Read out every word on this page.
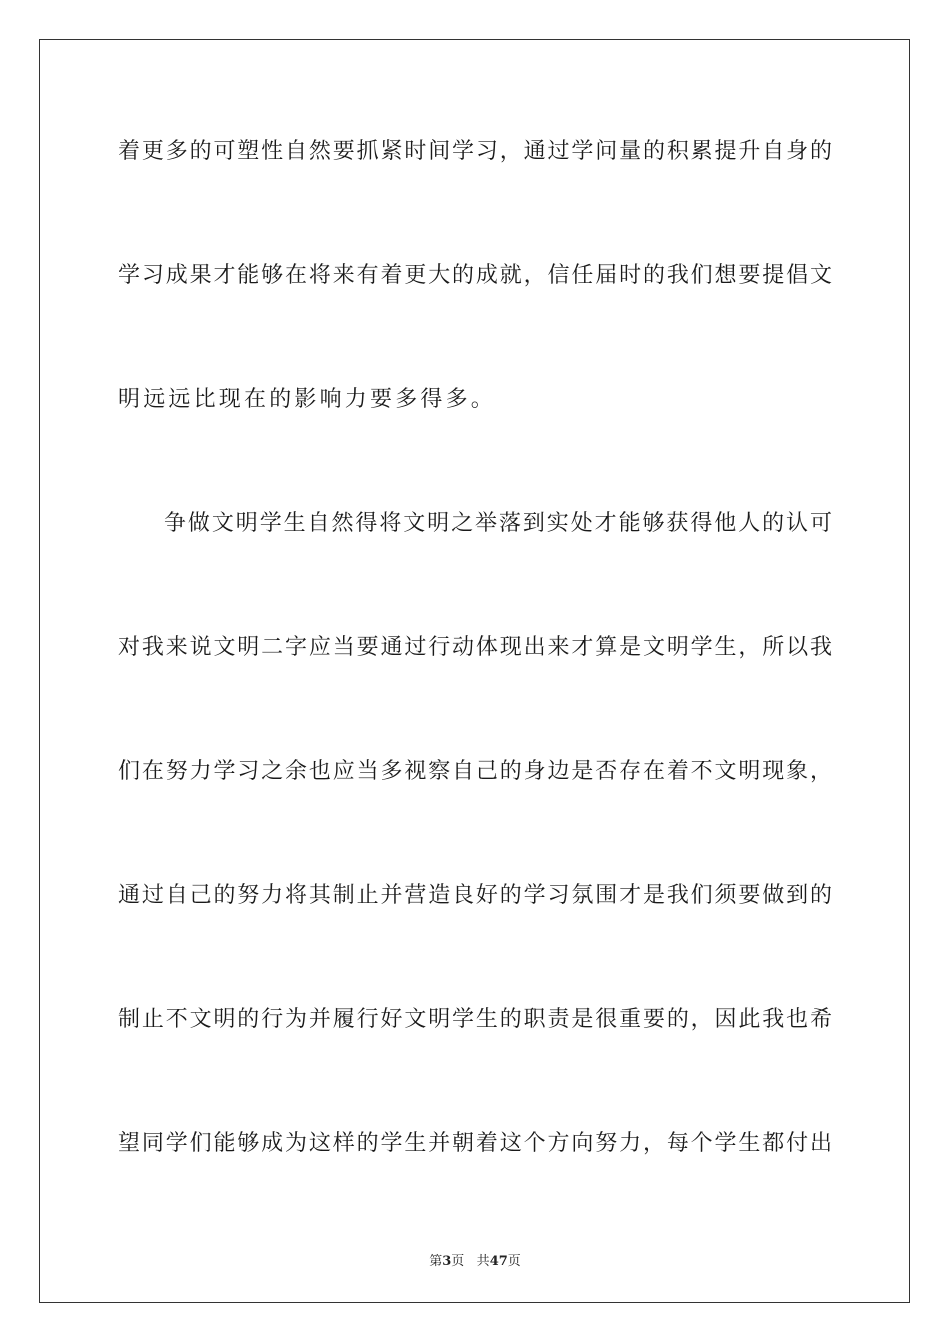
着更多的可塑性自然要抓紧时间学习，通过学问量的积累提升自身的
学习成果才能够在将来有着更大的成就，信任届时的我们想要提倡文
明远远比现在的影响力要多得多。
争做文明学生自然得将文明之举落到实处才能够获得他人的认可
对我来说文明二字应当要通过行动体现出来才算是文明学生，所以我
们在努力学习之余也应当多视察自己的身边是否存在着不文明现象，
通过自己的努力将其制止并营造良好的学习氛围才是我们须要做到的
制止不文明的行为并履行好文明学生的职责是很重要的，因此我也希
望同学们能够成为这样的学生并朝着这个方向努力，每个学生都付出
第3页 共47页
